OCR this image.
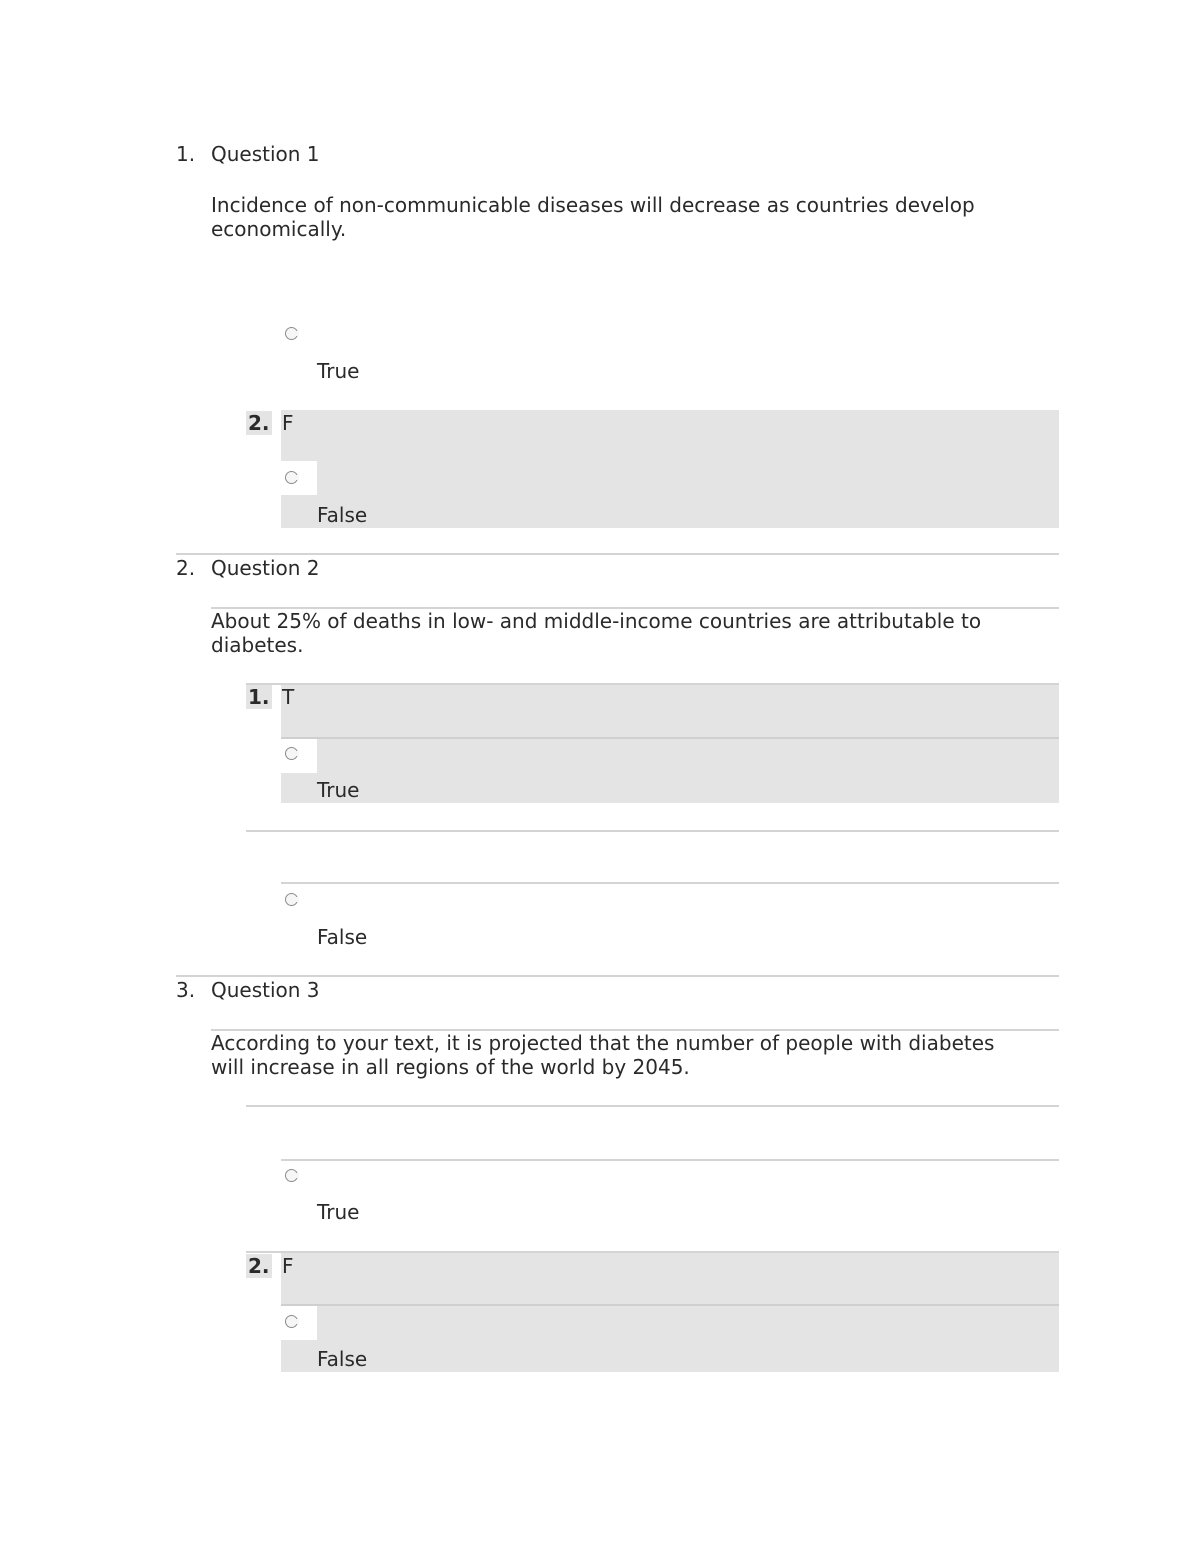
1. Question 1
Incidence of non-communicable diseases will decrease as countries develop economically.
True
2. F
False
2. Question 2
About 25% of deaths in low- and middle-income countries are attributable to diabetes.
1. T
True
False
3. Question 3
According to your text, it is projected that the number of people with diabetes will increase in all regions of the world by 2045.
True
2. F
False
